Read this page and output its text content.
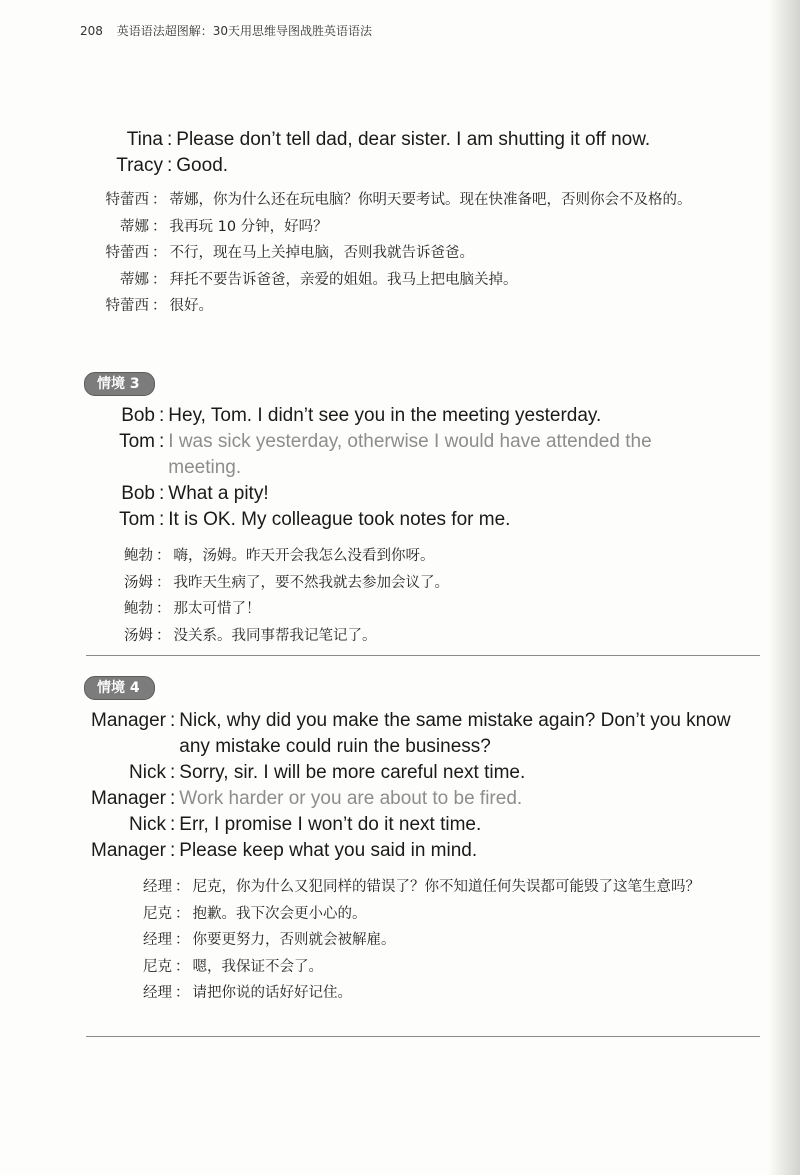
208 英语语法超图解：30天用思维导图战胜英语语法
Tina : Please don’t tell dad, dear sister. I am shutting it off now.
Tracy : Good.
特蕾西 ： 蒂娜，你为什么还在玩电脑？你明天要考试。现在快准备吧，否则你会不及格的。
蒂娜 ： 我再玩 10 分钟，好吗？
特蕾西 ： 不行，现在马上关掉电脑，否则我就告诉爸爸。
蒂娜 ： 拜托不要告诉爸爸，亲爱的姐姐。我马上把电脑关掉。
特蕾西 ： 很好。
情境 3
Bob : Hey, Tom. I didn’t see you in the meeting yesterday.
Tom : I was sick yesterday, otherwise I would have attended the meeting.
Bob : What a pity!
Tom : It is OK. My colleague took notes for me.
鲍勃 ： 嗨，汤姆。昨天开会我怎么没看到你呀。
汤姆 ： 我昨天生病了，要不然我就去参加会议了。
鲍勃 ： 那太可惜了！
汤姆 ： 没关系。我同事帮我记笔记了。
情境 4
Manager : Nick, why did you make the same mistake again? Don’t you know any mistake could ruin the business?
Nick : Sorry, sir. I will be more careful next time.
Manager : Work harder or you are about to be fired.
Nick : Err, I promise I won’t do it next time.
Manager : Please keep what you said in mind.
经理 ： 尼克，你为什么又犯同样的错误了？你不知道任何失误都可能毁了这笔生意吗？
尼克 ： 抱歉。我下次会更小心的。
经理 ： 你要更努力，否则就会被解雇。
尼克 ： 嗯，我保证不会了。
经理 ： 请把你说的话好好记住。
